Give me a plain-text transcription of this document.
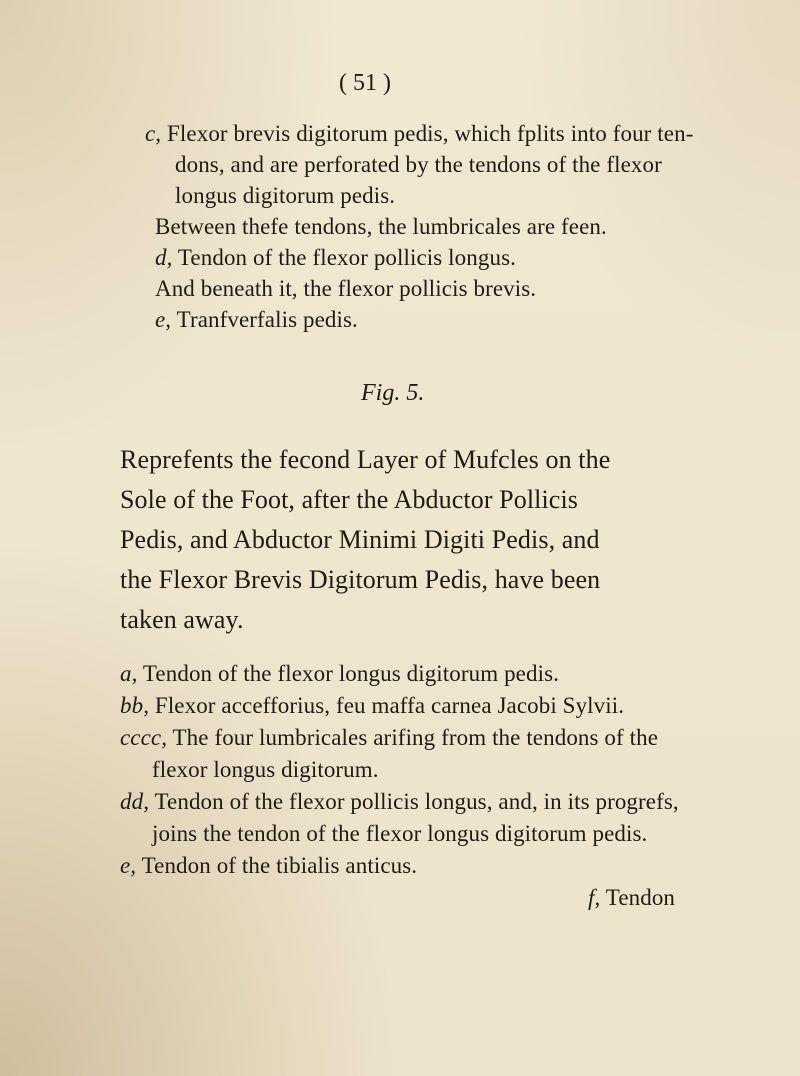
( 51 )
c, Flexor brevis digitorum pedis, which fplits into four ten-
dons, and are perforated by the tendons of the flexor
longus digitorum pedis.
Between thefe tendons, the lumbricales are feen.
d, Tendon of the flexor pollicis longus.
And beneath it, the flexor pollicis brevis.
e, Tranfverfalis pedis.
Fig. 5.
Reprefents the fecond Layer of Mufcles on the
Sole of the Foot, after the Abductor Pollicis
Pedis, and Abductor Minimi Digiti Pedis, and
the Flexor Brevis Digitorum Pedis, have been
taken away.
a, Tendon of the flexor longus digitorum pedis.
bb, Flexor accefforius, feu maffa carnea Jacobi Sylvii.
cccc, The four lumbricales arifing from the tendons of the
flexor longus digitorum.
dd, Tendon of the flexor pollicis longus, and, in its progrefs,
joins the tendon of the flexor longus digitorum pedis.
e, Tendon of the tibialis anticus.
f, Tendon
